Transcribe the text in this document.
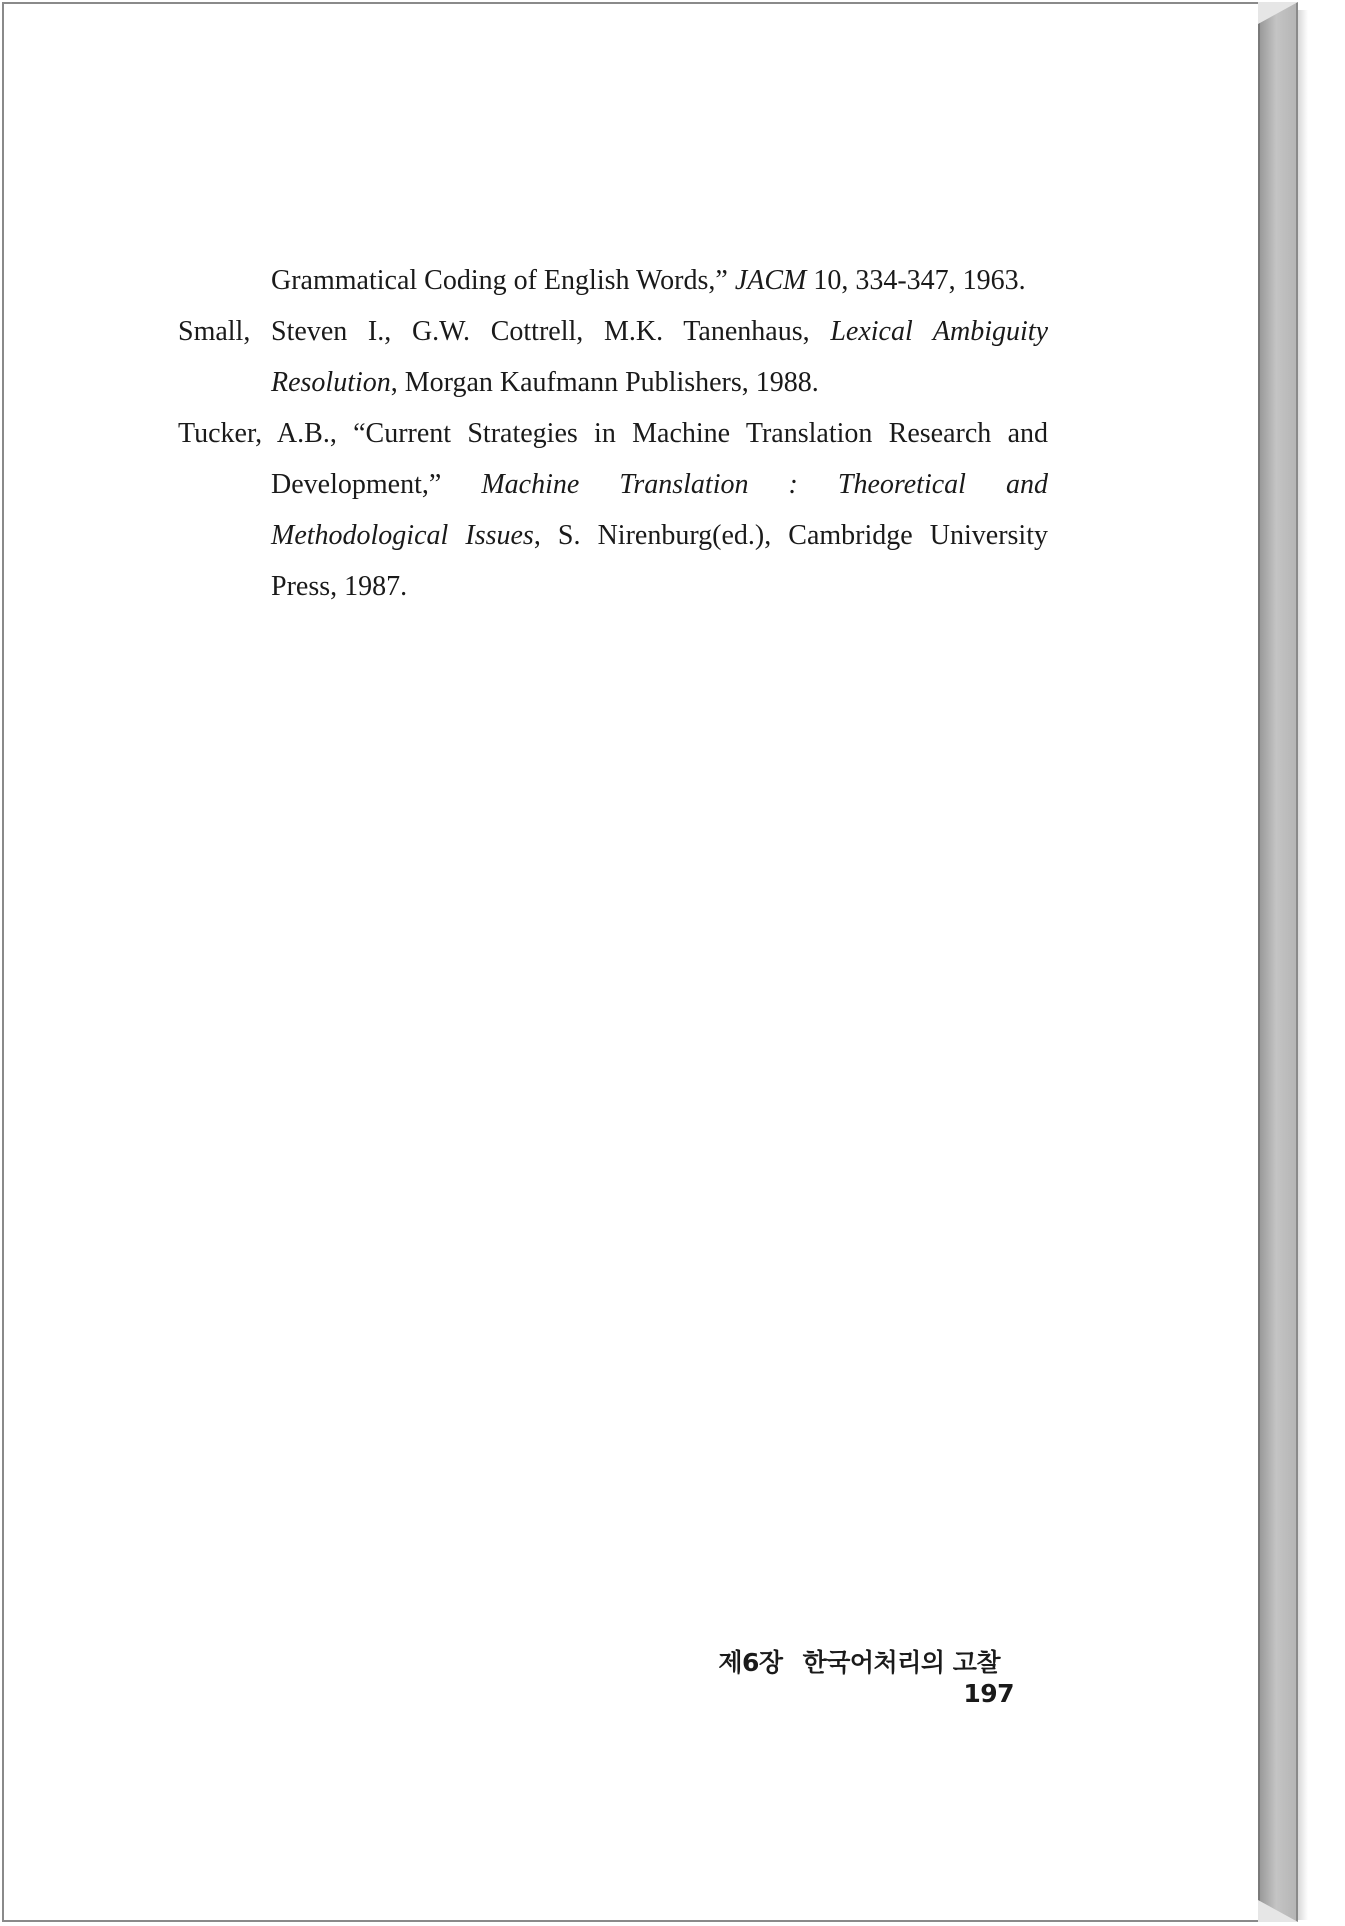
Grammatical Coding of English Words,” JACM 10, 334-347, 1963.

Small, Steven I., G.W. Cottrell, M.K. Tanenhaus, Lexical Ambiguity Resolution, Morgan Kaufmann Publishers, 1988.

Tucker, A.B., “Current Strategies in Machine Translation Research and Development,” Machine Translation : Theoretical and Methodological Issues, S. Nirenburg(ed.), Cambridge University Press, 1987.

제6장 한국어처리의 고찰197
